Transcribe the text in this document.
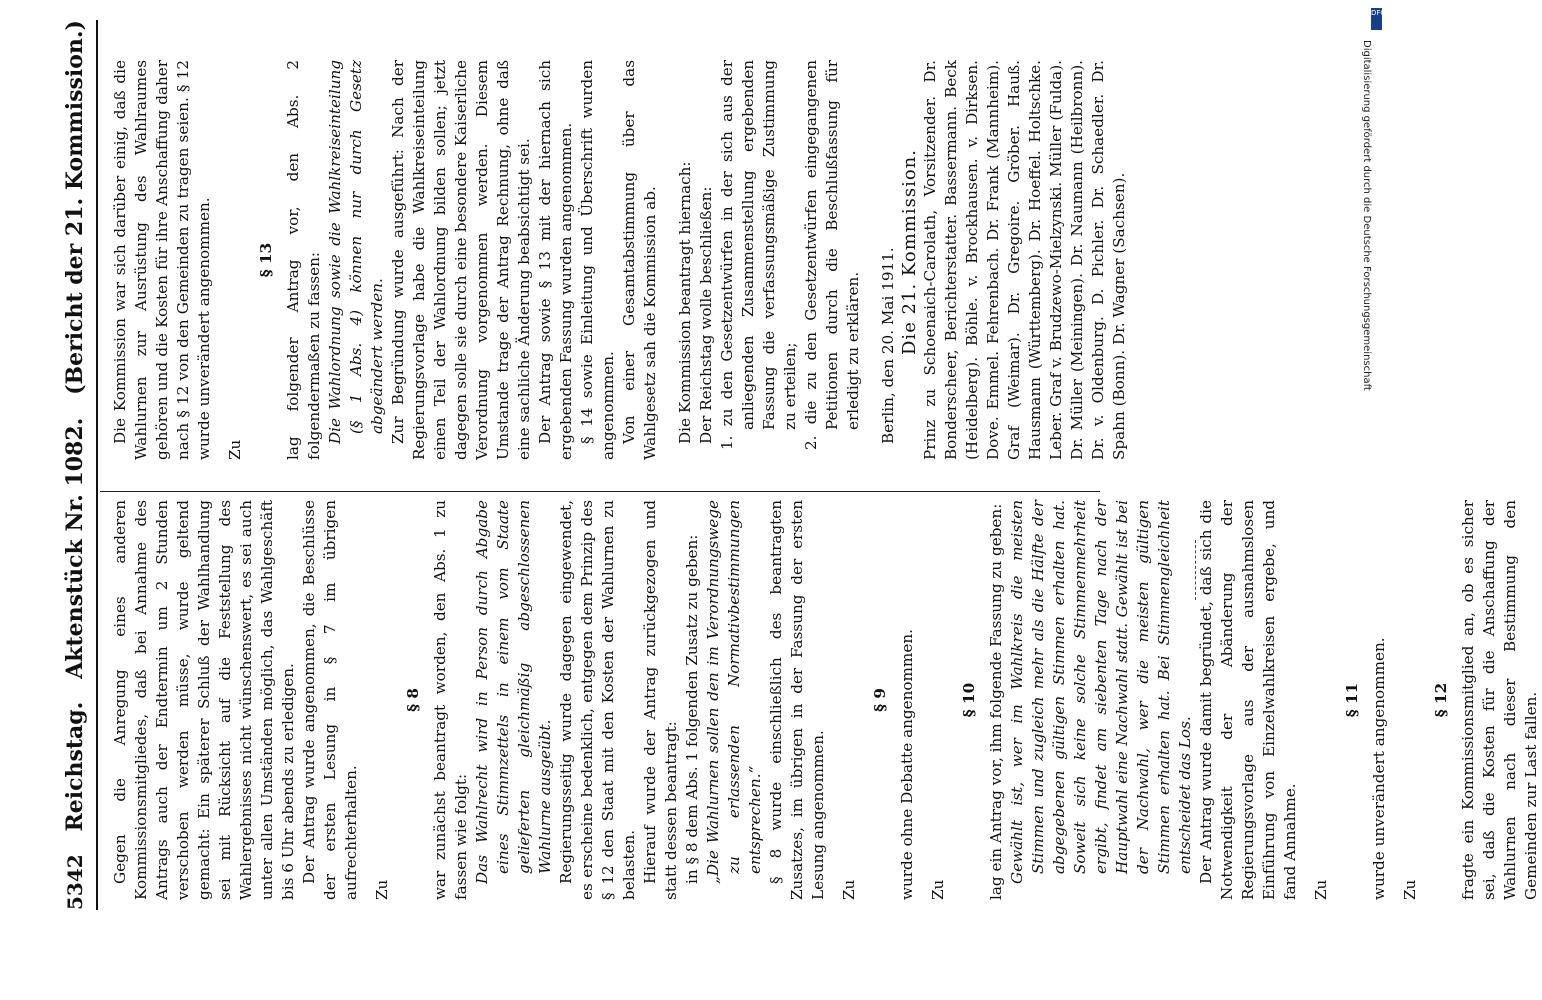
DFG
Digitalisierung gefördert durch die Deutsche Forschungsgemeinschaft
5342
Reichstag.
Aktenstück Nr. 1082.
(Bericht der 21. Kommission.)

Gegen die Anregung eines anderen Kommissionsmitgliedes, daß bei Annahme des Antrags auch der Endtermin um 2 Stunden verschoben werden müsse, wurde geltend gemacht: Ein späterer Schluß der Wahlhandlung sei mit Rücksicht auf die Feststellung des Wahlergebnisses nicht wünschenswert, es sei auch unter allen Umständen möglich, das Wahlgeschäft bis 6 Uhr abends zu erledigen. Der Antrag wurde angenommen, die Beschlüsse der ersten Lesung in § 7 im übrigen aufrechterhalten. Zu

§ 8 war zunächst beantragt worden, den Abs. 1 zu fassen wie folgt: Das Wahlrecht wird in Person durch Abgabe eines Stimmzettels in einem vom Staate gelieferten gleichmäßig abgeschlossenen Wahlurne ausgeübt. Regierungsseitig wurde dagegen eingewendet, es erscheine bedenklich, entgegen dem Prinzip des § 12 den Staat mit den Kosten der Wahlurnen zu belasten. Hierauf wurde der Antrag zurückgezogen und statt dessen beantragt: in § 8 dem Abs. 1 folgenden Zusatz zu geben: „Die Wahlurnen sollen den im Verordnungswege zu erlassenden Normativbestimmungen entsprechen.“ § 8 wurde einschließlich des beantragten Zusatzes, im übrigen in der Fassung der ersten Lesung angenommen. Zu

§ 9 wurde ohne Debatte angenommen. Zu

§ 10 lag ein Antrag vor, ihm folgende Fassung zu geben: Gewählt ist, wer im Wahlkreis die meisten Stimmen und zugleich mehr als die Hälfte der abgegebenen gültigen Stimmen erhalten hat. Soweit sich keine solche Stimmenmehrheit ergibt, findet am siebenten Tage nach der Hauptwahl eine Nachwahl statt. Gewählt ist bei der Nachwahl, wer die meisten gültigen Stimmen erhalten hat. Bei Stimmengleichheit entscheidet das Los. Der Antrag wurde damit begründet, daß sich die Notwendigkeit der Abänderung der Regierungsvorlage aus der ausnahmslosen Einführung von Einzelwahlkreisen ergebe, und fand Annahme. Zu

§ 11 wurde unverändert angenommen. Zu

§ 12 fragte ein Kommissionsmitglied an, ob es sicher sei, daß die Kosten für die Anschaffung der Wahlurnen nach dieser Bestimmung den Gemeinden zur Last fallen.

Die Kommission war sich darüber einig, daß die Wahlurnen zur Ausrüstung des Wahlraumes gehören und die Kosten für ihre Anschaffung daher nach § 12 von den Gemeinden zu tragen seien. § 12 wurde unverändert angenommen. Zu

§ 13 lag folgender Antrag vor, den Abs. 2 folgendermaßen zu fassen: Die Wahlordnung sowie die Wahlkreiseinteilung (§ 1 Abs. 4) können nur durch Gesetz abgeändert werden. Zur Begründung wurde ausgeführt: Nach der Regierungsvorlage habe die Wahlkreiseinteilung einen Teil der Wahlordnung bilden sollen; jetzt dagegen solle sie durch eine besondere Kaiserliche Verordnung vorgenommen werden. Diesem Umstande trage der Antrag Rechnung, ohne daß eine sachliche Änderung beabsichtigt sei. Der Antrag sowie § 13 mit der hiernach sich ergebenden Fassung wurden angenommen. § 14 sowie Einleitung und Überschrift wurden angenommen. Von einer Gesamtabstimmung über das Wahlgesetz sah die Kommission ab. Die Kommission beantragt hiernach: Der Reichstag wolle beschließen: 1. zu den Gesetzentwürfen in der sich aus der anliegenden Zusammenstellung ergebenden Fassung die verfassungsmäßige Zustimmung zu erteilen; 2. die zu den Gesetzentwürfen eingegangenen Petitionen durch die Beschlußfassung für erledigt zu erklären. Berlin, den 20. Mai 1911. Die 21. Kommission. Prinz zu Schoenaich-Carolath, Vorsitzender. Dr. Bonderscheer, Berichterstatter. Bassermann. Beck (Heidelberg). Böhle. v. Brockhausen. v. Dirksen. Dove. Emmel. Fehrenbach. Dr. Frank (Mannheim). Graf (Weimar). Dr. Gregoire. Gröber. Hauß. Hausmann (Württemberg). Dr. Hoeffel. Holtschke. Leber. Graf v. Brudzewo-Mielzynski. Müller (Fulda). Dr. Müller (Meiningen). Dr. Naumann (Heilbronn). Dr. v. Oldenburg. D. Pichler. Dr. Schaedler. Dr. Spahn (Bonn). Dr. Wagner (Sachsen).
